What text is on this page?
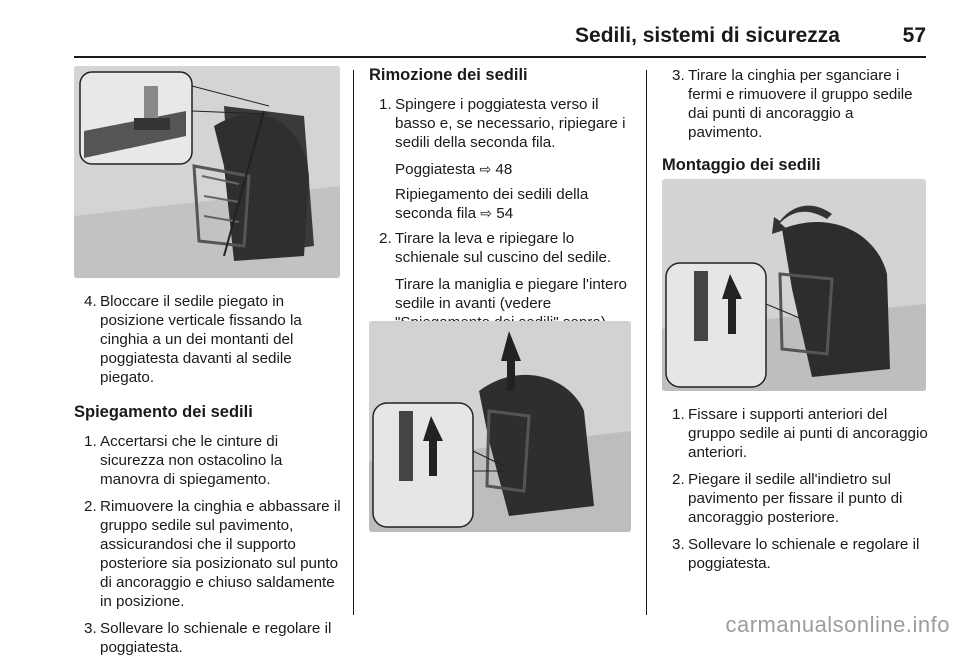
Sedili, sistemi di sicurezza	57
4. Bloccare il sedile piegato in posizione verticale fissando la cinghia a un dei montanti del poggiatesta davanti al sedile piegato.

Spiegamento dei sedili

1. Accertarsi che le cinture di sicurezza non ostacolino la manovra di spiegamento.
2. Rimuovere la cinghia e abbassare il gruppo sedile sul pavimento, assicurandosi che il supporto posteriore sia posizionato sul punto di ancoraggio e chiuso saldamente in posizione.
3. Sollevare lo schienale e regolare il poggiatesta.

Rimozione dei sedili

1. Spingere i poggiatesta verso il basso e, se necessario, ripiegare i sedili della seconda fila.

Poggiatesta ⇨ 48

Ripiegamento dei sedili della seconda fila ⇨ 54

2. Tirare la leva e ripiegare lo schienale sul cuscino del sedile.

Tirare la maniglia e piegare l'intero sedile in avanti (vedere

3. Tirare la cinghia per sganciare i fermi e rimuovere il gruppo sedile dai punti di ancoraggio a pavimento.

Montaggio dei sedili

1. Fissare i supporti anteriori del gruppo sedile ai punti di ancoraggio anteriori.
2. Piegare il sedile all'indietro sul pavimento per fissare il punto di ancoraggio posteriore.
3. Sollevare lo schienale e regolare il poggiatesta.
carmanualsonline.info
